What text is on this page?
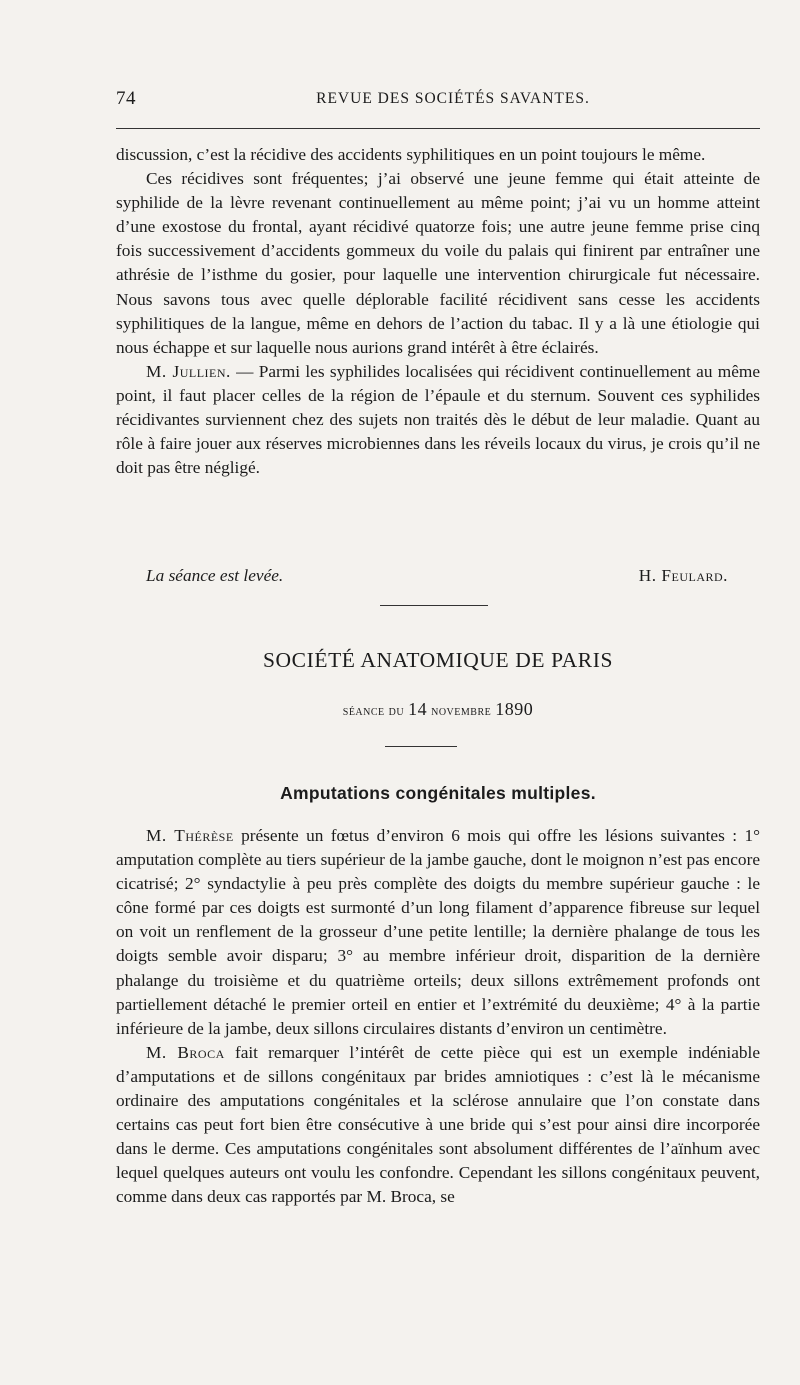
74	REVUE DES SOCIÉTÉS SAVANTES.

discussion, c’est la récidive des accidents syphilitiques en un point toujours le même.

Ces récidives sont fréquentes; j’ai observé une jeune femme qui était atteinte de syphilide de la lèvre revenant continuellement au même point; j’ai vu un homme atteint d’une exostose du frontal, ayant récidivé quatorze fois; une autre jeune femme prise cinq fois successivement d’accidents gommeux du voile du palais qui finirent par entraîner une athrésie de l’isthme du gosier, pour laquelle une intervention chirurgicale fut nécessaire. Nous savons tous avec quelle déplorable facilité récidivent sans cesse les accidents syphilitiques de la langue, même en dehors de l’action du tabac. Il y a là une étiologie qui nous échappe et sur laquelle nous aurions grand intérêt à être éclairés.

M. Jullien. — Parmi les syphilides localisées qui récidivent continuellement au même point, il faut placer celles de la région de l’épaule et du sternum. Souvent ces syphilides récidivantes surviennent chez des sujets non traités dès le début de leur maladie. Quant au rôle à faire jouer aux réserves microbiennes dans les réveils locaux du virus, je crois qu’il ne doit pas être négligé.

La séance est levée.	H. Feulard.
SOCIÉTÉ ANATOMIQUE DE PARIS
séance du 14 novembre 1890
Amputations congénitales multiples.

M. Thérèse présente un fœtus d’environ 6 mois qui offre les lésions suivantes : 1° amputation complète au tiers supérieur de la jambe gauche, dont le moignon n’est pas encore cicatrisé; 2° syndactylie à peu près complète des doigts du membre supérieur gauche : le cône formé par ces doigts est surmonté d’un long filament d’apparence fibreuse sur lequel on voit un renflement de la grosseur d’une petite lentille; la dernière phalange de tous les doigts semble avoir disparu; 3° au membre inférieur droit, disparition de la dernière phalange du troisième et du quatrième orteils; deux sillons extrêmement profonds ont partiellement détaché le premier orteil en entier et l’extrémité du deuxième; 4° à la partie inférieure de la jambe, deux sillons circulaires distants d’environ un centimètre.

M. Broca fait remarquer l’intérêt de cette pièce qui est un exemple indéniable d’amputations et de sillons congénitaux par brides amniotiques : c’est là le mécanisme ordinaire des amputations congénitales et la sclérose annulaire que l’on constate dans certains cas peut fort bien être consécutive à une bride qui s’est pour ainsi dire incorporée dans le derme. Ces amputations congénitales sont absolument différentes de l’aïnhum avec lequel quelques auteurs ont voulu les confondre. Cependant les sillons congénitaux peuvent, comme dans deux cas rapportés par M. Broca, se
